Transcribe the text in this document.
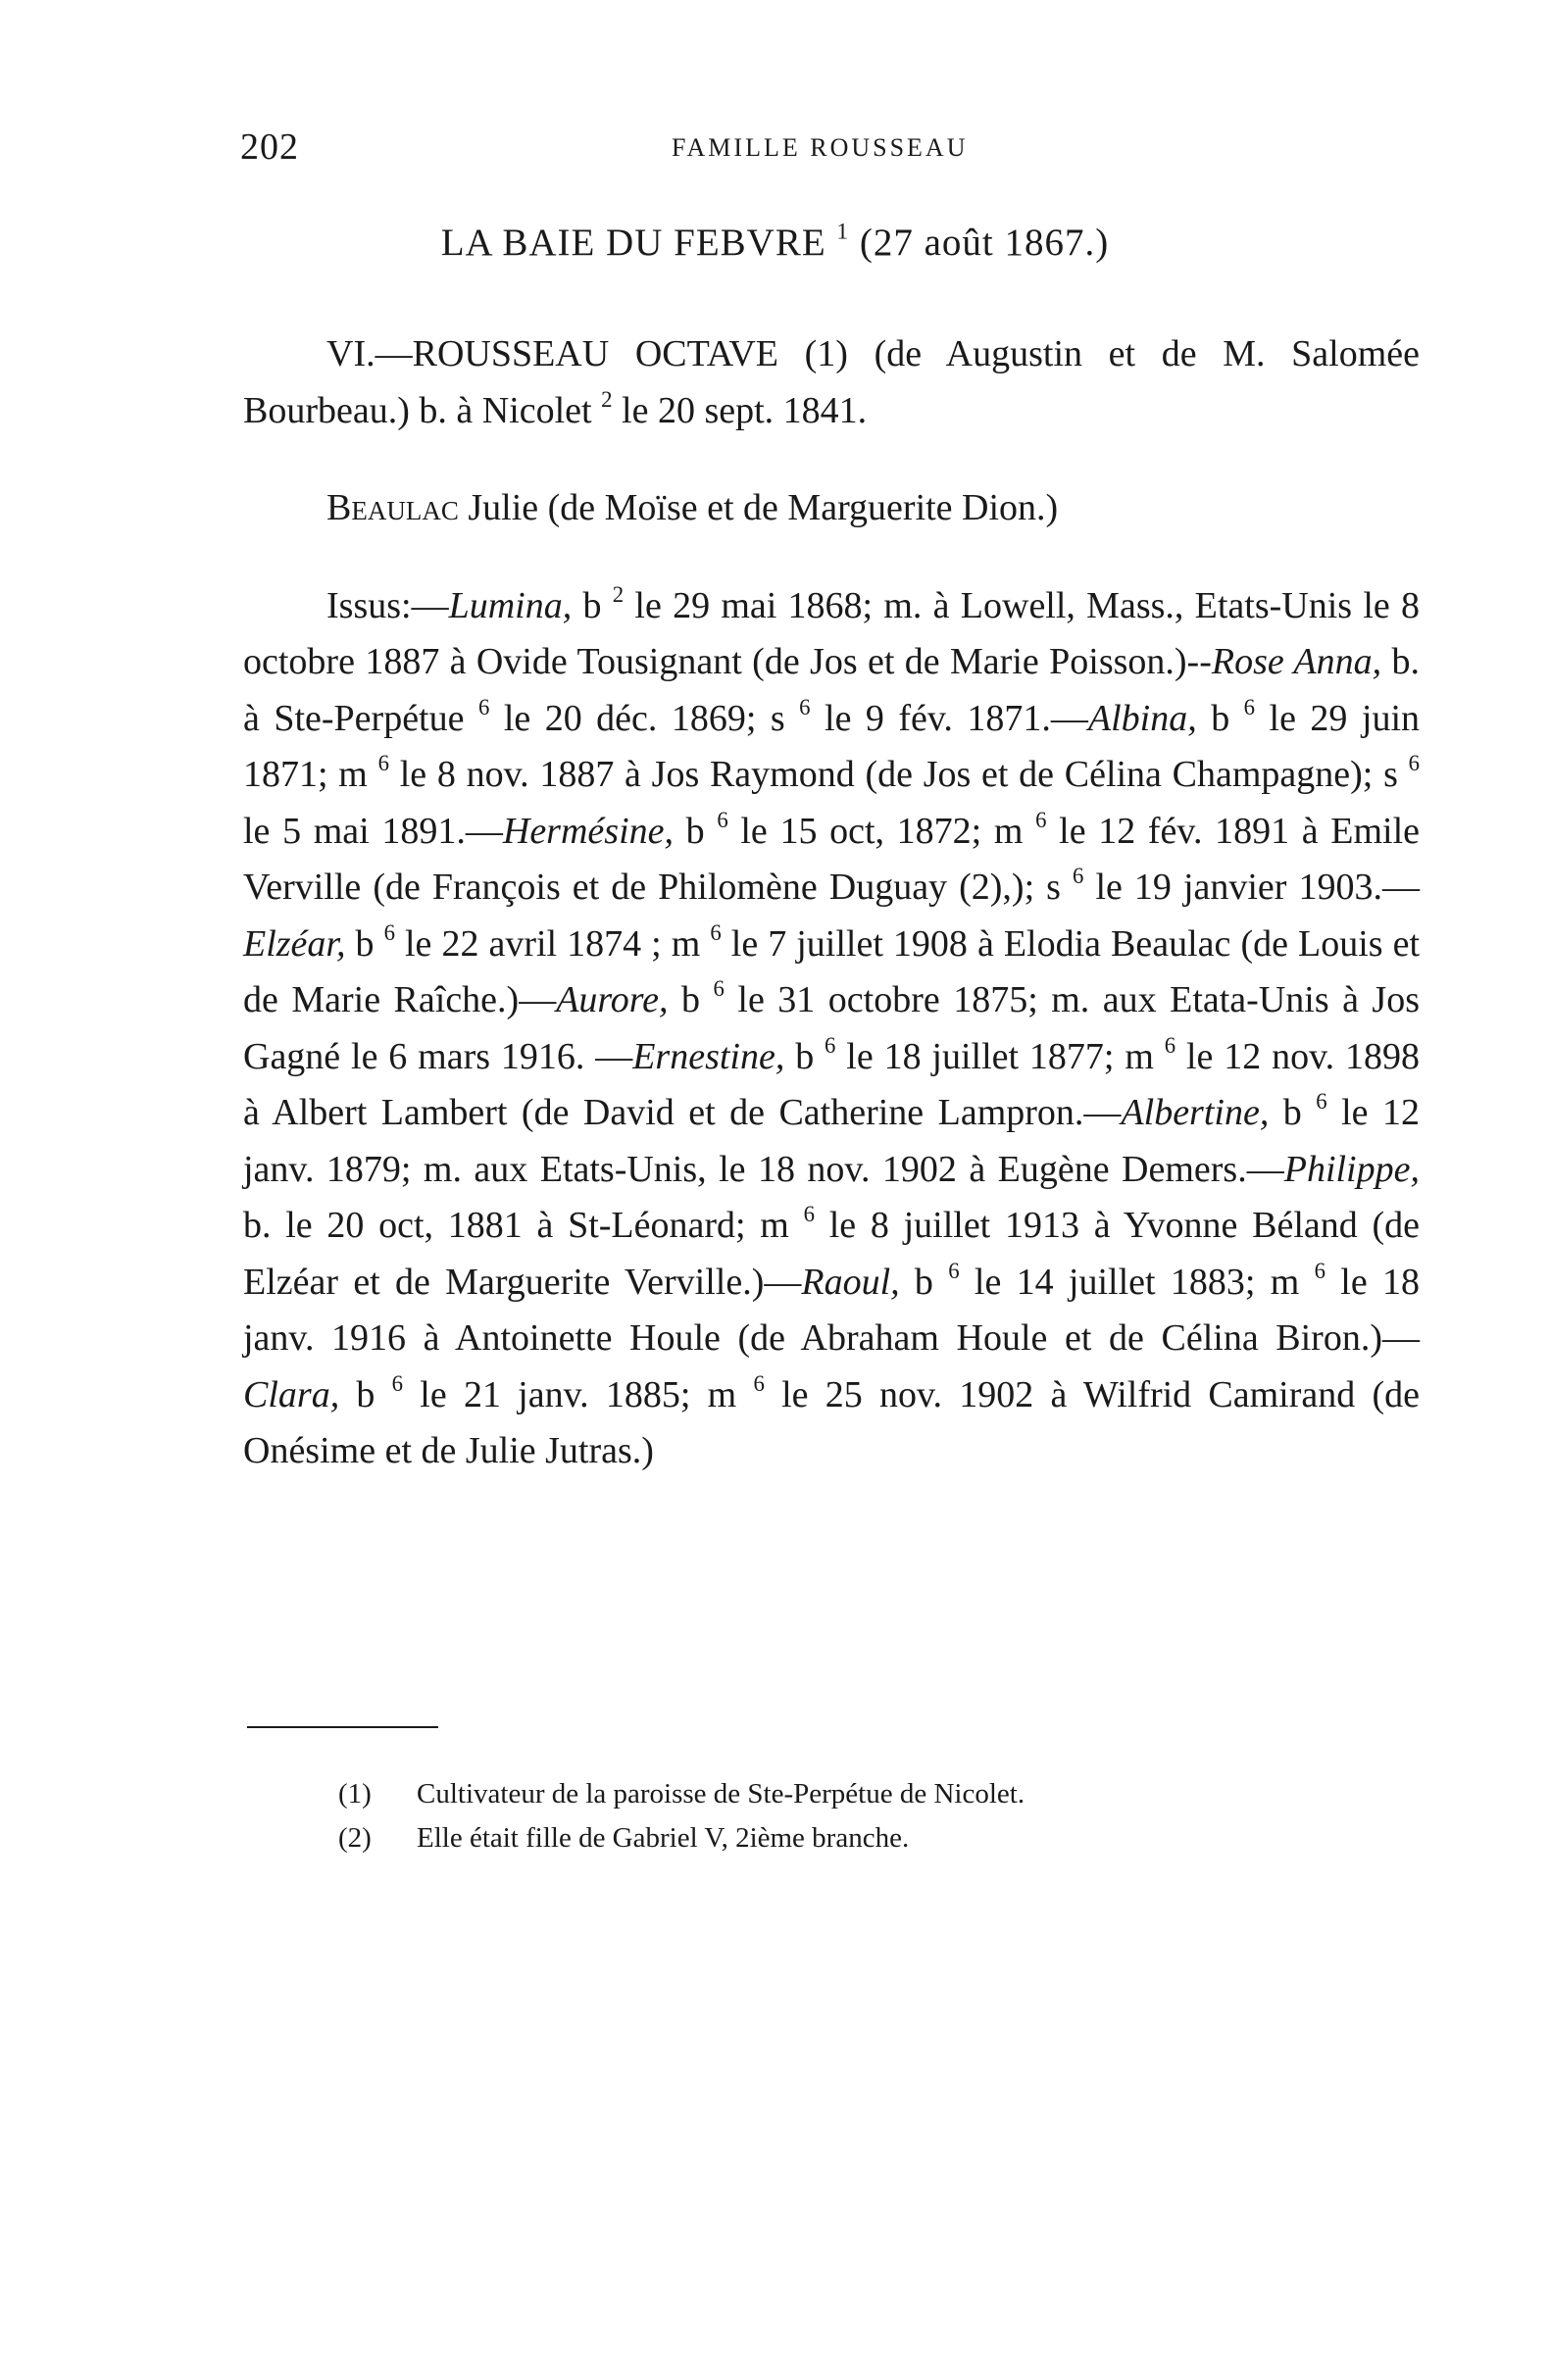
202	FAMILLE ROUSSEAU
LA BAIE DU FEBVRE $^1$ (27 août 1867.)

VI.—ROUSSEAU OCTAVE (1) (de Augustin et de M. Salomée Bourbeau.) b. à Nicolet $^2$ le 20 sept. 1841.

Beaulac Julie (de Moïse et de Marguerite Dion.)

Issus:—Lumina, b $^2$ le 29 mai 1868; m. à Lowell, Mass., Etats-Unis le 8 octobre 1887 à Ovide Tousignant (de Jos et de Marie Poisson.)--Rose Anna, b. à Ste-Perpétue $^6$ le 20 déc. 1869; s $^6$ le 9 fév. 1871.—Albina, b $^6$ le 29 juin 1871; m $^6$ le 8 nov. 1887 à Jos Raymond (de Jos et de Célina Champagne); s $^6$ le 5 mai 1891.—Hermésine, b $^6$ le 15 oct, 1872; m $^6$ le 12 fév. 1891 à Emile Verville (de François et de Philomène Duguay (2),); s $^6$ le 19 janvier 1903.—Elzéar, b $^6$ le 22 avril 1874 ; m $^6$ le 7 juillet 1908 à Elodia Beaulac (de Louis et de Marie Raîche.)—Aurore, b $^6$ le 31 octobre 1875; m. aux Etata-Unis à Jos Gagné le 6 mars 1916. —Ernestine, b $^6$ le 18 juillet 1877; m $^6$ le 12 nov. 1898 à Albert Lambert (de David et de Catherine Lampron.—Albertine, b $^6$ le 12 janv. 1879; m. aux Etats-Unis, le 18 nov. 1902 à Eugène Demers.—Philippe, b. le 20 oct, 1881 à St-Léonard; m $^6$ le 8 juillet 1913 à Yvonne Béland (de Elzéar et de Marguerite Verville.)—Raoul, b $^6$ le 14 juillet 1883; m $^6$ le 18 janv. 1916 à Antoinette Houle (de Abraham Houle et de Célina Biron.)—Clara, b $^6$ le 21 janv. 1885; m $^6$ le 25 nov. 1902 à Wilfrid Camirand (de Onésime et de Julie Jutras.)

(1)	Cultivateur de la paroisse de Ste-Perpétue de Nicolet.
(2)	Elle était fille de Gabriel V, 2ième branche.
